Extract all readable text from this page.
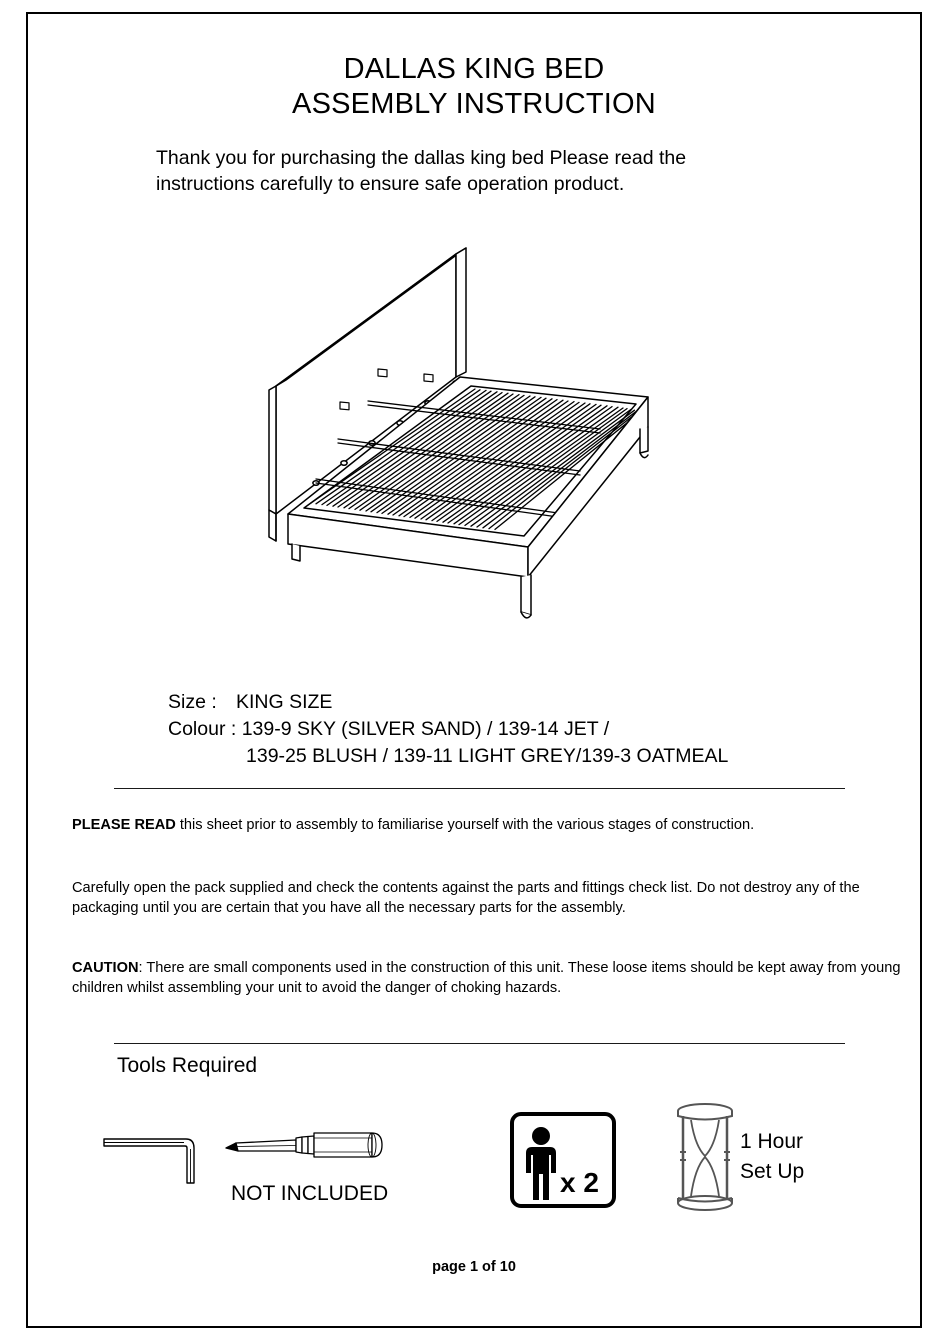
DALLAS KING BED
ASSEMBLY INSTRUCTION
Thank you for purchasing the dallas king bed Please read the
instructions carefully to ensure safe operation product.
Size : KING SIZE
Colour : 139-9 SKY (SILVER SAND) / 139-14 JET /
139-25 BLUSH / 139-11 LIGHT GREY/139-3 OATMEAL
PLEASE READ this sheet prior to assembly to familiarise yourself with the various stages of construction.
Carefully open the pack supplied and check the contents against the parts and fittings check list. Do not destroy any of the packaging until you are certain that you have all the necessary parts for the assembly.
CAUTION: There are small components used in the construction of this unit. These loose items should be kept away from young children whilst assembling your unit to avoid the danger of choking hazards.
Tools Required
NOT INCLUDED	x 2
1 Hour
Set Up
page 1 of 10
